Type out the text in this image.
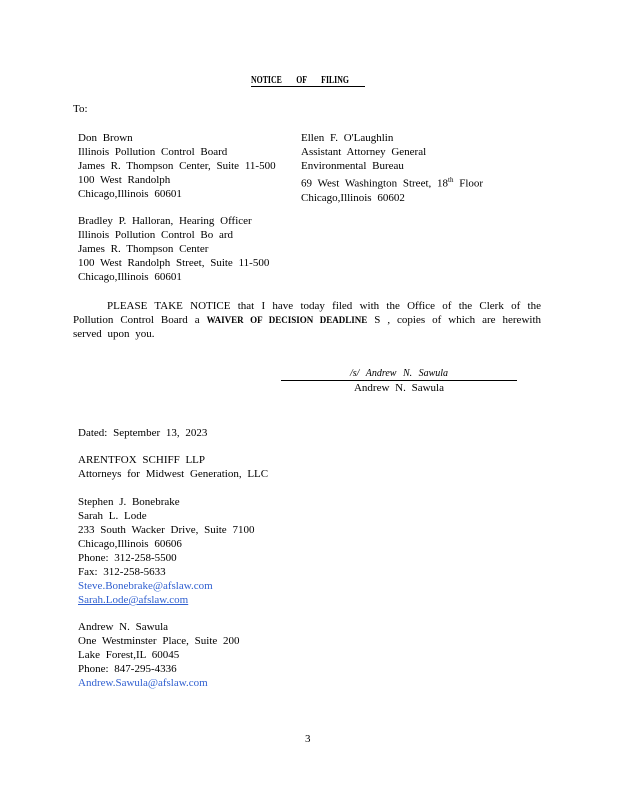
NOTICE OF FILING
To:
Don Brown
Illinois Pollution Control Board
James R. Thompson Center, Suite 11-500
100 West Randolph
Chicago,Illinois 60601
Ellen F. O'Laughlin
Assistant Attorney General
Environmental Bureau
69 West Washington Street, 18th Floor
Chicago,Illinois 60602
Bradley P. Halloran, Hearing Officer
Illinois Pollution Control Bo ard
James R. Thompson Center
100 West Randolph Street, Suite 11-500
Chicago,Illinois 60601
PLEASE TAKE NOTICE that I have today filed with the Office of the Clerk of the Pollution Control Board a WAIVER OF DECISION DEADLINE S , copies of which are herewith served upon you.
/s/ Andrew N. Sawula
Andrew N. Sawula
Dated: September 13, 2023
ARENTFOX SCHIFF LLP
Attorneys for Midwest Generation, LLC
Stephen J. Bonebrake
Sarah L. Lode
233 South Wacker Drive, Suite 7100
Chicago,Illinois 60606
Phone: 312-258-5500
Fax: 312-258-5633
Steve.Bonebrake@afslaw.com
Sarah.Lode@afslaw.com
Andrew N. Sawula
One Westminster Place, Suite 200
Lake Forest,IL 60045
Phone: 847-295-4336
Andrew.Sawula@afslaw.com
3
